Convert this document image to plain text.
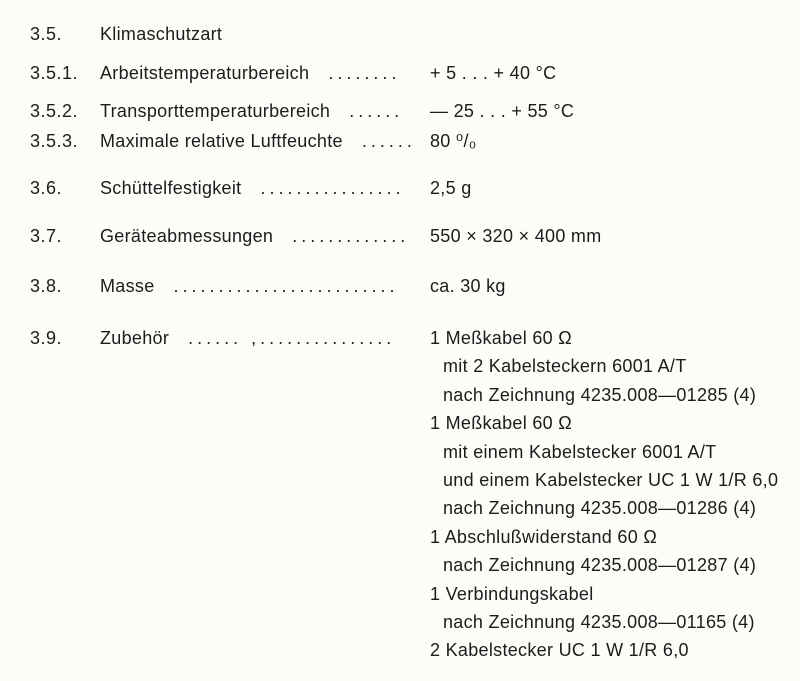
3.5.	Klimaschutzart
3.5.1.	Arbeitstemperaturbereich ........	+ 5 . . . + 40 °C
3.5.2.	Transporttemperaturbereich ......	— 25 . . . + 55 °C
3.5.3.	Maximale relative Luftfeuchte ...... 80 ⁰/₀
3.6.	Schüttelfestigkeit ................	2,5 g
3.7.	Geräteabmessungen .............	550 × 320 × 400 mm
3.8.	Masse .........................	ca. 30 kg
3.9.	Zubehör ...... ,...............	1 Meßkabel 60 Ω
mit 2 Kabelsteckern 6001 A/T
nach Zeichnung 4235.008—01285 (4)
1 Meßkabel 60 Ω
mit einem Kabelstecker 6001 A/T
und einem Kabelstecker UC 1 W 1/R 6,0
nach Zeichnung 4235.008—01286 (4)
1 Abschlußwiderstand 60 Ω
nach Zeichnung 4235.008—01287 (4)
1 Verbindungskabel
nach Zeichnung 4235.008—01165 (4)
2 Kabelstecker UC 1 W 1/R 6,0
